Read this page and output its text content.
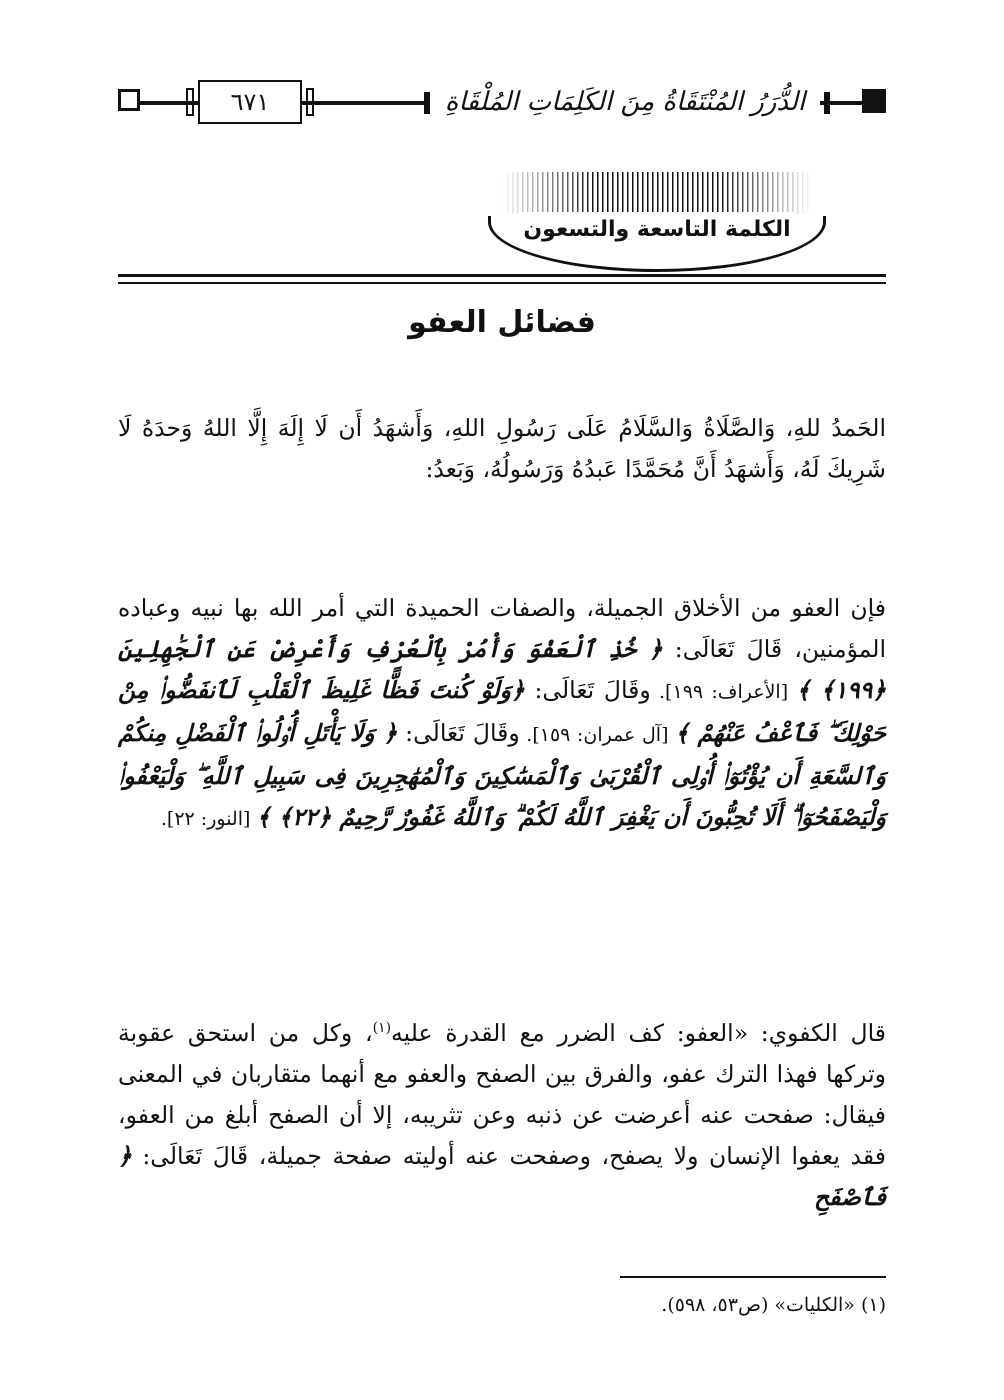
٦٧١	الدُّرَرُ المُنْتَقَاةُ مِنَ الكَلِمَاتِ المُلْقَاةِ
الكلمة التاسعة والتسعون
فضائل العفو

الحَمدُ للهِ، وَالصَّلَاةُ وَالسَّلَامُ عَلَى رَسُولِ اللهِ، وَأَشهَدُ أَن لَا إِلَهَ إِلَّا اللهُ وَحدَهُ لَا شَرِيكَ لَهُ، وَأَشهَدُ أَنَّ مُحَمَّدًا عَبدُهُ وَرَسُولُهُ، وَبَعدُ:

فإن العفو من الأخلاق الجميلة، والصفات الحميدة التي أمر الله بها نبيه وعباده المؤمنين، قَالَ تَعَالَى: ﴿ خُذِ ٱلْعَفْوَ وَأْمُرْ بِٱلْعُرْفِ وَأَعْرِضْ عَنِ ٱلْجَٰهِلِينَ ﴿١٩٩﴾ ﴾ [الأعراف: ١٩٩]. وقَالَ تَعَالَى: ﴿وَلَوْ كُنتَ فَظًّا غَلِيظَ ٱلْقَلْبِ لَٱنفَضُّوا۟ مِنْ حَوْلِكَ ۖ فَٱعْفُ عَنْهُمْ ﴾ [آل عمران: ١٥٩]. وقَالَ تَعَالَى: ﴿ وَلَا يَأْتَلِ أُو۟لُوا۟ ٱلْفَضْلِ مِنكُمْ وَٱلسَّعَةِ أَن يُؤْتُوٓا۟ أُو۟لِى ٱلْقُرْبَىٰ وَٱلْمَسَٰكِينَ وَٱلْمُهَٰجِرِينَ فِى سَبِيلِ ٱللَّهِ ۖ وَلْيَعْفُوا۟ وَلْيَصْفَحُوٓا۟ ۗ أَلَا تُحِبُّونَ أَن يَغْفِرَ ٱللَّهُ لَكُمْ ۗ وَٱللَّهُ غَفُورٌ رَّحِيمٌ ﴿٢٢﴾ ﴾ [النور: ٢٢].

قال الكفوي: «العفو: كف الضرر مع القدرة عليه$^{(١)}$، وكل من استحق عقوبة وتركها فهذا الترك عفو، والفرق بين الصفح والعفو مع أنهما متقاربان في المعنى فيقال: صفحت عنه أعرضت عن ذنبه وعن تثريبه، إلا أن الصفح أبلغ من العفو، فقد يعفوا الإنسان ولا يصفح، وصفحت عنه أوليته صفحة جميلة، قَالَ تَعَالَى: ﴿ فَٱصْفَحِ

(١) «الكليات» (ص٥٣، ٥٩٨).
